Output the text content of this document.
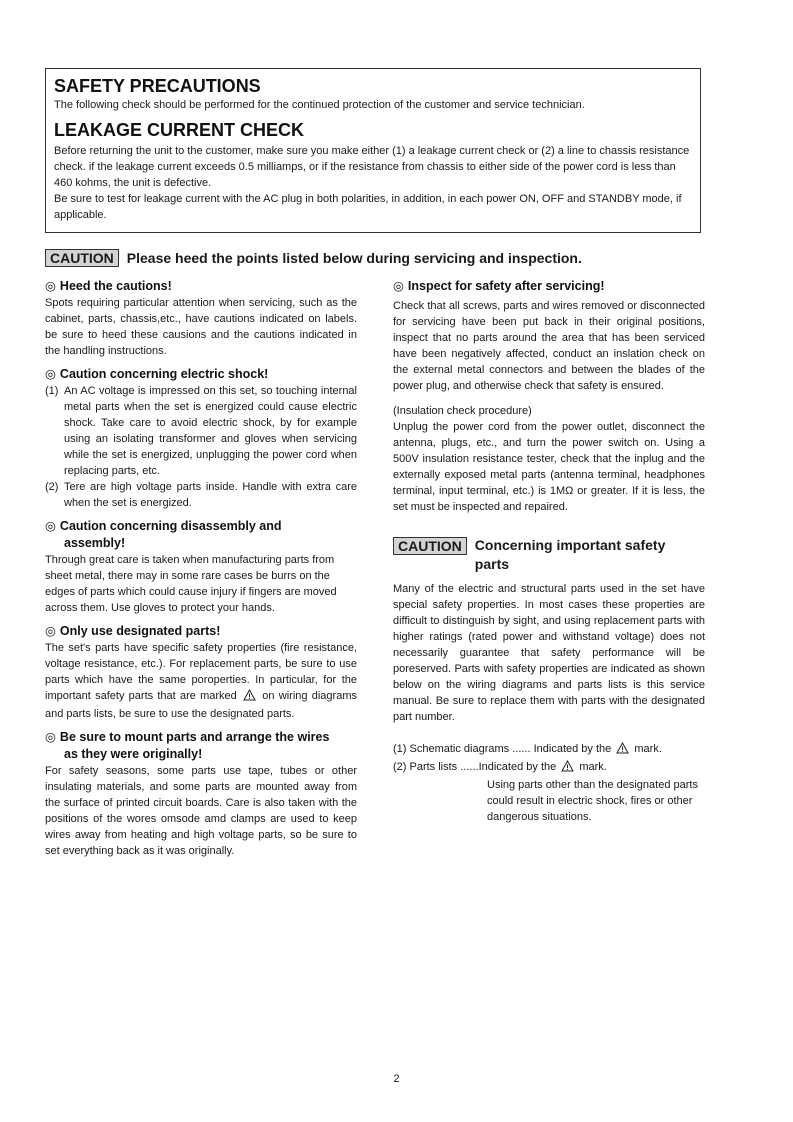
SAFETY PRECAUTIONS

The following check should be performed for the continued protection of the customer and service technician.

LEAKAGE CURRENT CHECK

Before returning the unit to the customer, make sure you make either (1) a leakage current check or (2) a line to chassis resistance check. if the leakage current exceeds 0.5 milliamps, or if the resistance from chassis to either side of the power cord is less than 460 kohms, the unit is defective.

Be sure to test for leakage current with the AC plug in both polarities, in addition, in each power ON, OFF and STANDBY mode, if applicable.

CAUTION Please heed the points listed below during servicing and inspection.
◎ Heed the cautions!

Spots requiring particular attention when servicing, such as the cabinet, parts, chassis,etc., have cautions indicated on labels. be sure to heed these causions and the cautions indicated in the handling instructions.

◎ Caution concerning electric shock!
(1) An AC voltage is impressed on this set, so touching internal metal parts when the set is energized could cause electric shock. Take care to avoid electric shock, by for example using an isolating transformer and gloves when servicing while the set is energized, unplugging the power cord when replacing parts, etc.
(2) Tere are high voltage parts inside. Handle with extra care when the set is energized.
◎ Caution concerning disassembly and
assembly!

Through great care is taken when manufacturing parts from sheet metal, there may in some rare cases be burrs on the edges of parts which could cause injury if fingers are moved across them. Use gloves to protect your hands.

◎ Only use designated parts!

The set's parts have specific safety properties (fire resistance, voltage resistance, etc.). For replacement parts, be sure to use parts which have the same poroperties. In particular, for the important safety parts that are marked on wiring diagrams and parts lists, be sure to use the designated parts.

◎ Be sure to mount parts and arrange the wires
as they were originally!

For safety seasons, some parts use tape, tubes or other insulating materials, and some parts are mounted away from the surface of printed circuit boards. Care is also taken with the positions of the wores omsode amd clamps are used to keep wires away from heating and high voltage parts, so be sure to set everything back as it was originally.

◎ Inspect for safety after servicing!

Check that all screws, parts and wires removed or disconnected for servicing have been put back in their original positions, inspect that no parts around the area that has been serviced have been negatively affected, conduct an inslation check on the external metal connectors and between the blades of the power plug, and otherwise check that safety is ensured.

(Insulation check procedure)

Unplug the power cord from the power outlet, disconnect the antenna, plugs, etc., and turn the power switch on. Using a 500V insulation resistance tester, check that the inplug and the externally exposed metal parts (antenna terminal, headphones terminal, input terminal, etc.) is 1MΩ or greater. If it is less, the set must be inspected and repaired.

CAUTION Concerning important safety
parts

Many of the electric and structural parts used in the set have special safety properties. In most cases these properties are difficult to distinguish by sight, and using replacement parts with higher ratings (rated power and withstand voltage) does not necessarily guarantee that safety performance will be poreserved. Parts with safety properties are indicated as shown below on the wiring diagrams and parts lists is this service manual. Be sure to replace them with parts with the designated part number.

(1) Schematic diagrams ...... Indicated by the mark.
(2) Parts lists ......Indicated by the mark.
Using parts other than the designated parts could result in electric shock, fires or other dangerous situations.
2
